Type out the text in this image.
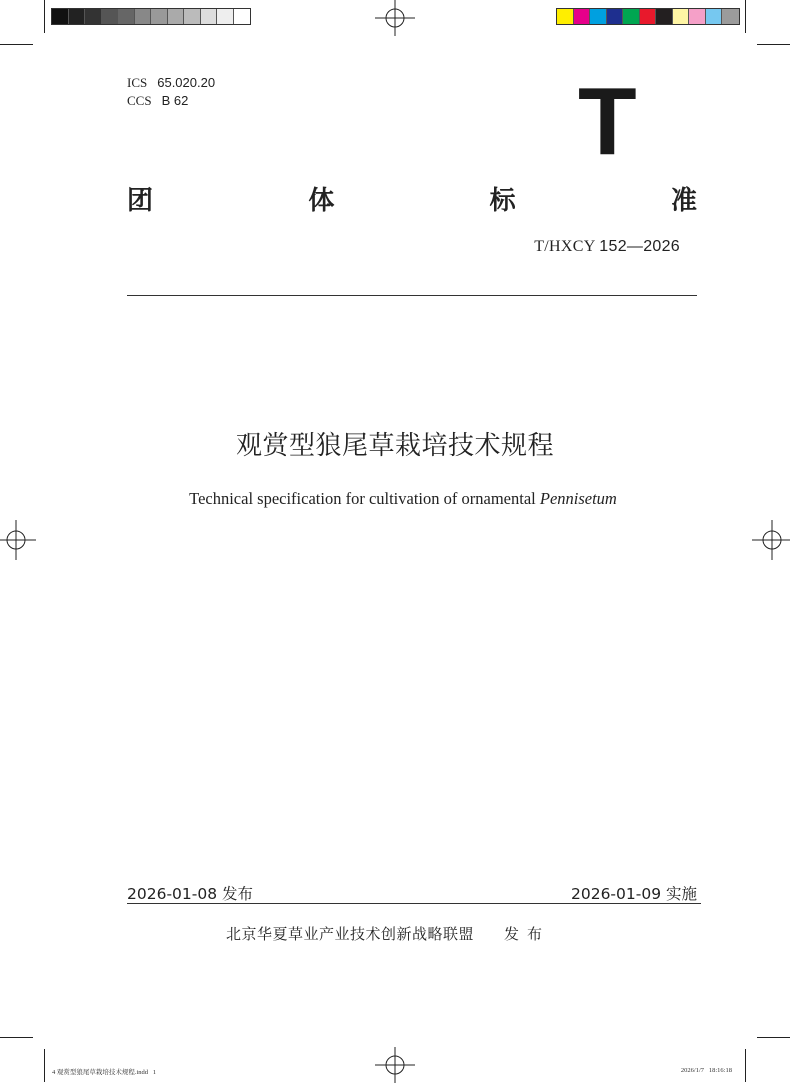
ICS 65.020.20
CCS B 62	T
团	体	标	准
T/HXCY 152—2026
观赏型狼尾草栽培技术规程
Technical specification for cultivation of ornamental Pennisetum
2026-01-08 发布	2026-01-09 实施
北京华夏草业产业技术创新战略联盟 发布
4 观赏型狼尾草栽培技术规程.indd   1	2026/1/7   18:16:18
